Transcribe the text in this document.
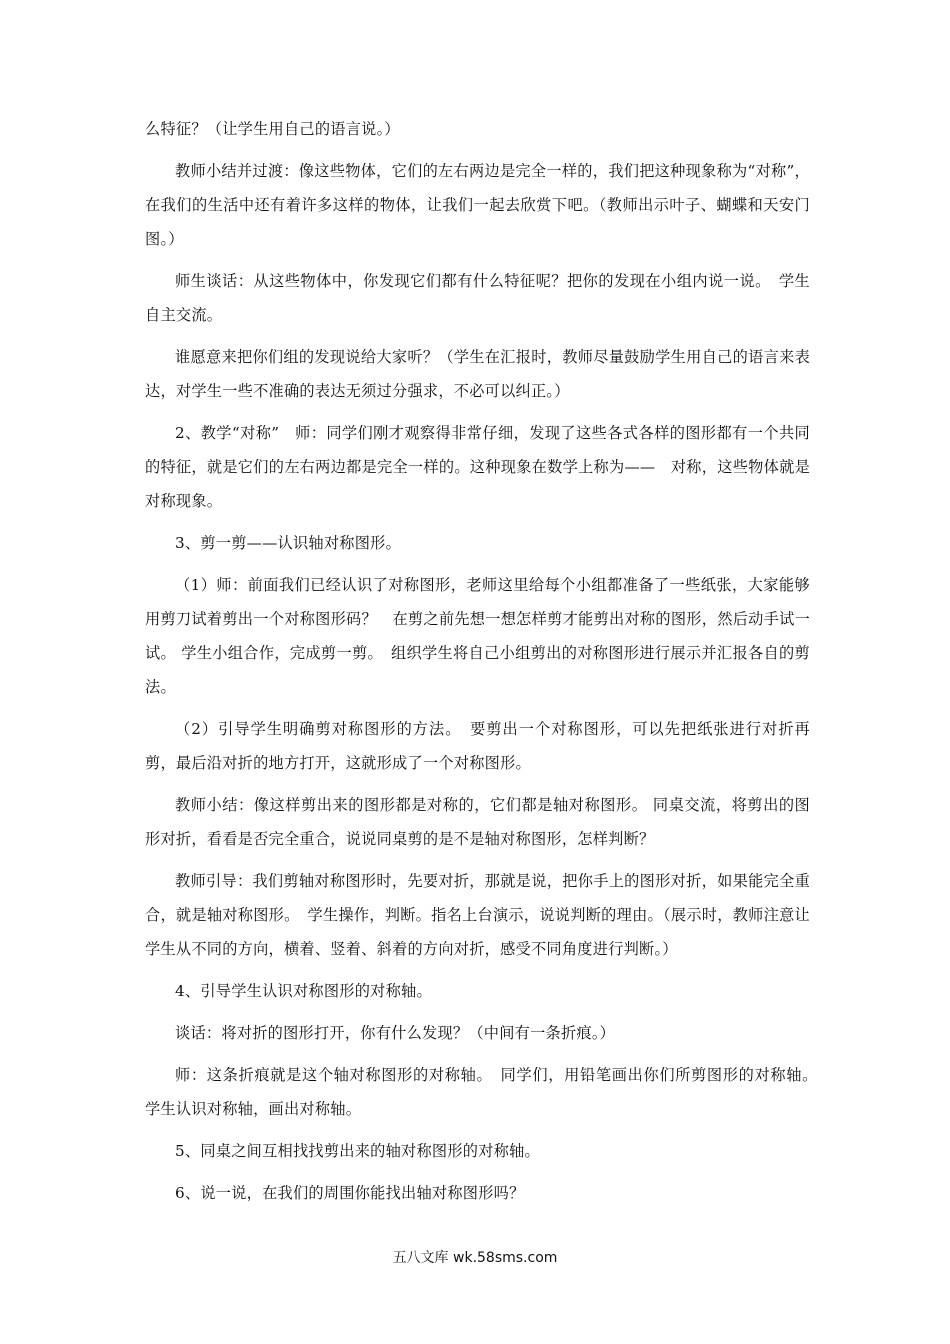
么特征？（让学生用自己的语言说。）

教师小结并过渡：像这些物体，它们的左右两边是完全一样的，我们把这种现象称为“对称”，在我们的生活中还有着许多这样的物体，让我们一起去欣赏下吧。（教师出示叶子、蝴蝶和天安门图。）

师生谈话：从这些物体中，你发现它们都有什么特征呢？把你的发现在小组内说一说。　学生自主交流。

谁愿意来把你们组的发现说给大家听？（学生在汇报时，教师尽量鼓励学生用自己的语言来表达，对学生一些不准确的表达无须过分强求，不必可以纠正。）

2、教学“对称”　师：同学们刚才观察得非常仔细，发现了这些各式各样的图形都有一个共同的特征，就是它们的左右两边都是完全一样的。这种现象在数学上称为——　对称，这些物体就是对称现象。

3、剪一剪——认识轴对称图形。

（1）师：前面我们已经认识了对称图形，老师这里给每个小组都准备了一些纸张，大家能够用剪刀试着剪出一个对称图形码？　在剪之前先想一想怎样剪才能剪出对称的图形，然后动手试一试。 学生小组合作，完成剪一剪。　组织学生将自己小组剪出的对称图形进行展示并汇报各自的剪法。

（2）引导学生明确剪对称图形的方法。　要剪出一个对称图形，可以先把纸张进行对折再剪，最后沿对折的地方打开，这就形成了一个对称图形。

教师小结：像这样剪出来的图形都是对称的，它们都是轴对称图形。 同桌交流，将剪出的图形对折，看看是否完全重合，说说同桌剪的是不是轴对称图形，怎样判断？

教师引导：我们剪轴对称图形时，先要对折，那就是说，把你手上的图形对折，如果能完全重合，就是轴对称图形。　学生操作，判断。指名上台演示，说说判断的理由。（展示时，教师注意让学生从不同的方向，横着、竖着、斜着的方向对折，感受不同角度进行判断。）

4、引导学生认识对称图形的对称轴。

谈话：将对折的图形打开，你有什么发现？（中间有一条折痕。）

师：这条折痕就是这个轴对称图形的对称轴。　同学们，用铅笔画出你们所剪图形的对称轴。　学生认识对称轴，画出对称轴。

5、同桌之间互相找找剪出来的轴对称图形的对称轴。

6、说一说，在我们的周围你能找出轴对称图形吗？

五八文库 wk.58sms.com
